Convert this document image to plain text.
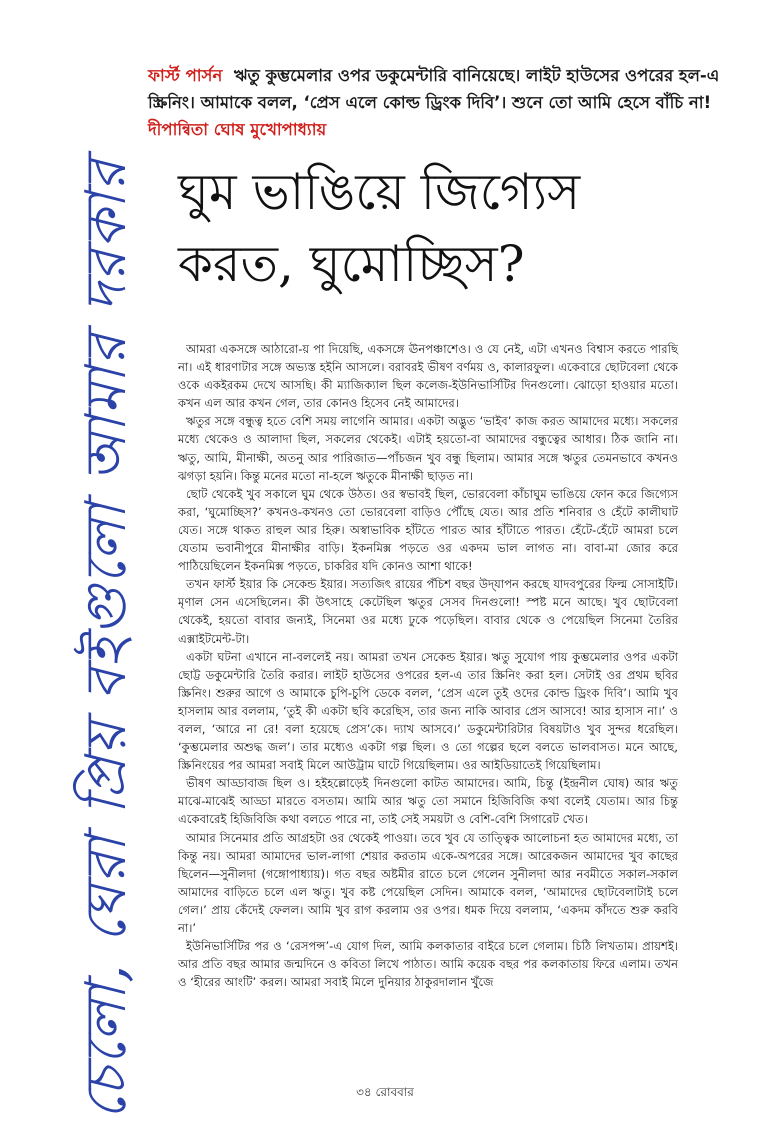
চেলো, ঘেরা প্রিয় বইগুলো আমার দরকার
ফার্স্ট পার্সন ঋতু কুম্ভমেলার ওপর ডকুমেন্টারি বানিয়েছে। লাইট হাউসের ওপরের হল-এ স্ক্রিনিং। আমাকে বলল, ‘প্রেস এলে কোল্ড ড্রিংক দিবি’। শুনে তো আমি হেসে বাঁচি না! দীপান্বিতা ঘোষ মুখোপাধ্যায়
ঘুম ভাঙিয়ে জিগ্যেস
করত, ঘুমোচ্ছিস?

আমরা একসঙ্গে আঠারো-য় পা দিয়েছি, একসঙ্গে ঊনপঞ্চাশেও। ও যে নেই, এটা এখনও বিশ্বাস করতে পারছি না। এই ধারণাটার সঙ্গে অভ্যস্ত হইনি আসলে। বরাবরই ভীষণ বর্ণময় ও, কালারফুল। একেবারে ছোটবেলা থেকে ওকে একইরকম দেখে আসছি। কী ম্যাজিক্যাল ছিল কলেজ-ইউনিভার্সিটির দিনগুলো। ঝোড়ো হাওয়ার মতো। কখন এল আর কখন গেল, তার কোনও হিসেব নেই আমাদের।

ঋতুর সঙ্গে বন্ধুত্ব হতে বেশি সময় লাগেনি আমার। একটা অদ্ভুত ‘ভাইব’ কাজ করত আমাদের মধ্যে। সকলের মধ্যে থেকেও ও আলাদা ছিল, সকলের থেকেই। এটাই হয়তো-বা আমাদের বন্ধুত্বের আধার। ঠিক জানি না। ঋতু, আমি, মীনাক্ষী, অতনু আর পারিজাত—পাঁচজন খুব বন্ধু ছিলাম। আমার সঙ্গে ঋতুর তেমনভাবে কখনও ঝগড়া হয়নি। কিন্তু মনের মতো না-হলে ঋতুকে মীনাক্ষী ছাড়ত না।

ছোট থেকেই খুব সকালে ঘুম থেকে উঠত। ওর স্বভাবই ছিল, ভোরবেলা কাঁচাঘুম ভাঙিয়ে ফোন করে জিগ্যেস করা, ‘ঘুমোচ্ছিস?’ কখনও-কখনও তো ভোরবেলা বাড়িও পৌঁছে যেত। আর প্রতি শনিবার ও হেঁটে কালীঘাট যেত। সঙ্গে থাকত রাহুল আর হিরু। অস্বাভাবিক হাঁটতে পারত আর হাঁটাতে পারত। হেঁটে-হেঁটে আমরা চলে যেতাম ভবানীপুরে মীনাক্ষীর বাড়ি। ইকনমিক্স পড়তে ওর একদম ভাল লাগত না। বাবা-মা জোর করে পাঠিয়েছিলেন ইকনমিক্স পড়তে, চাকরির যদি কোনও আশা থাকে!

তখন ফার্স্ট ইয়ার কি সেকেন্ড ইয়ার। সত্যজিৎ রায়ের পঁচিশ বছর উদ্‌যাপন করছে যাদবপুরের ফিল্ম সোসাইটি। মৃণাল সেন এসেছিলেন। কী উৎসাহে কেটেছিল ঋতুর সেসব দিনগুলো! স্পষ্ট মনে আছে। খুব ছোটবেলা থেকেই, হয়তো বাবার জন্যই, সিনেমা ওর মধ্যে ঢুকে পড়েছিল। বাবার থেকে ও পেয়েছিল সিনেমা তৈরির এক্সাইটমেন্ট-টা।

একটা ঘটনা এখানে না-বললেই নয়। আমরা তখন সেকেন্ড ইয়ার। ঋতু সুযোগ পায় কুম্ভমেলার ওপর একটা ছোট্ট ডকুমেন্টারি তৈরি করার। লাইট হাউসের ওপরের হল-এ তার স্ক্রিনিং করা হল। সেটাই ওর প্রথম ছবির স্ক্রিনিং। শুরুর আগে ও আমাকে চুপি-চুপি ডেকে বলল, ‘প্রেস এলে তুই ওদের কোল্ড ড্রিংক দিবি’। আমি খুব হাসলাম আর বললাম, ‘তুই কী একটা ছবি করেছিস, তার জন্য নাকি আবার প্রেস আসবে! আর হাসাস না।’ ও বলল, ‘আরে না রে! বলা হয়েছে প্রেস’কে। দ্যাখ আসবে।’ ডকুমেন্টারিটার বিষয়টাও খুব সুন্দর ধরেছিল। ‘কুম্ভমেলার অশুদ্ধ জল’। তার মধ্যেও একটা গল্প ছিল। ও তো গল্পের ছলে বলতে ভালবাসত। মনে আছে, স্ক্রিনিংয়ের পর আমরা সবাই মিলে আউট্রাম ঘাটে গিয়েছিলাম। ওর আইডিয়াতেই গিয়েছিলাম।

ভীষণ আড্ডাবাজ ছিল ও। হইহল্লোড়েই দিনগুলো কাটত আমাদের। আমি, চিন্তু (ইন্দ্রনীল ঘোষ) আর ঋতু মাঝে-মাঝেই আড্ডা মারতে বসতাম। আমি আর ঋতু তো সমানে হিজিবিজি কথা বলেই যেতাম। আর চিন্তু একেবারেই হিজিবিজি কথা বলতে পারে না, তাই সেই সময়টা ও বেশি-বেশি সিগারেট খেত।

আমার সিনেমার প্রতি আগ্রহটা ওর থেকেই পাওয়া। তবে খুব যে তাত্ত্বিক আলোচনা হত আমাদের মধ্যে, তা কিন্তু নয়। আমরা আমাদের ভাল-লাগা শেয়ার করতাম একে-অপরের সঙ্গে। আরেকজন আমাদের খুব কাছের ছিলেন—সুনীলদা (গঙ্গোপাধ্যায়)। গত বছর অষ্টমীর রাতে চলে গেলেন সুনীলদা আর নবমীতে সকাল-সকাল আমাদের বাড়িতে চলে এল ঋতু। খুব কষ্ট পেয়েছিল সেদিন। আমাকে বলল, ‘আমাদের ছোটবেলাটাই চলে গেল।’ প্রায় কেঁদেই ফেলল। আমি খুব রাগ করলাম ওর ওপর। ধমক দিয়ে বললাম, ‘একদম কাঁদতে শুরু করবি না।’

ইউনিভার্সিটির পর ও ‘রেসপন্স’-এ যোগ দিল, আমি কলকাতার বাইরে চলে গেলাম। চিঠি লিখতাম। প্রায়শই। আর প্রতি বছর আমার জন্মদিনে ও কবিতা লিখে পাঠাত। আমি কয়েক বছর পর কলকাতায় ফিরে এলাম। তখন ও ‘হীরের আংটি’ করল। আমরা সবাই মিলে দুনিয়ার ঠাকুরদালান খুঁজে

৩৪ রোববার
